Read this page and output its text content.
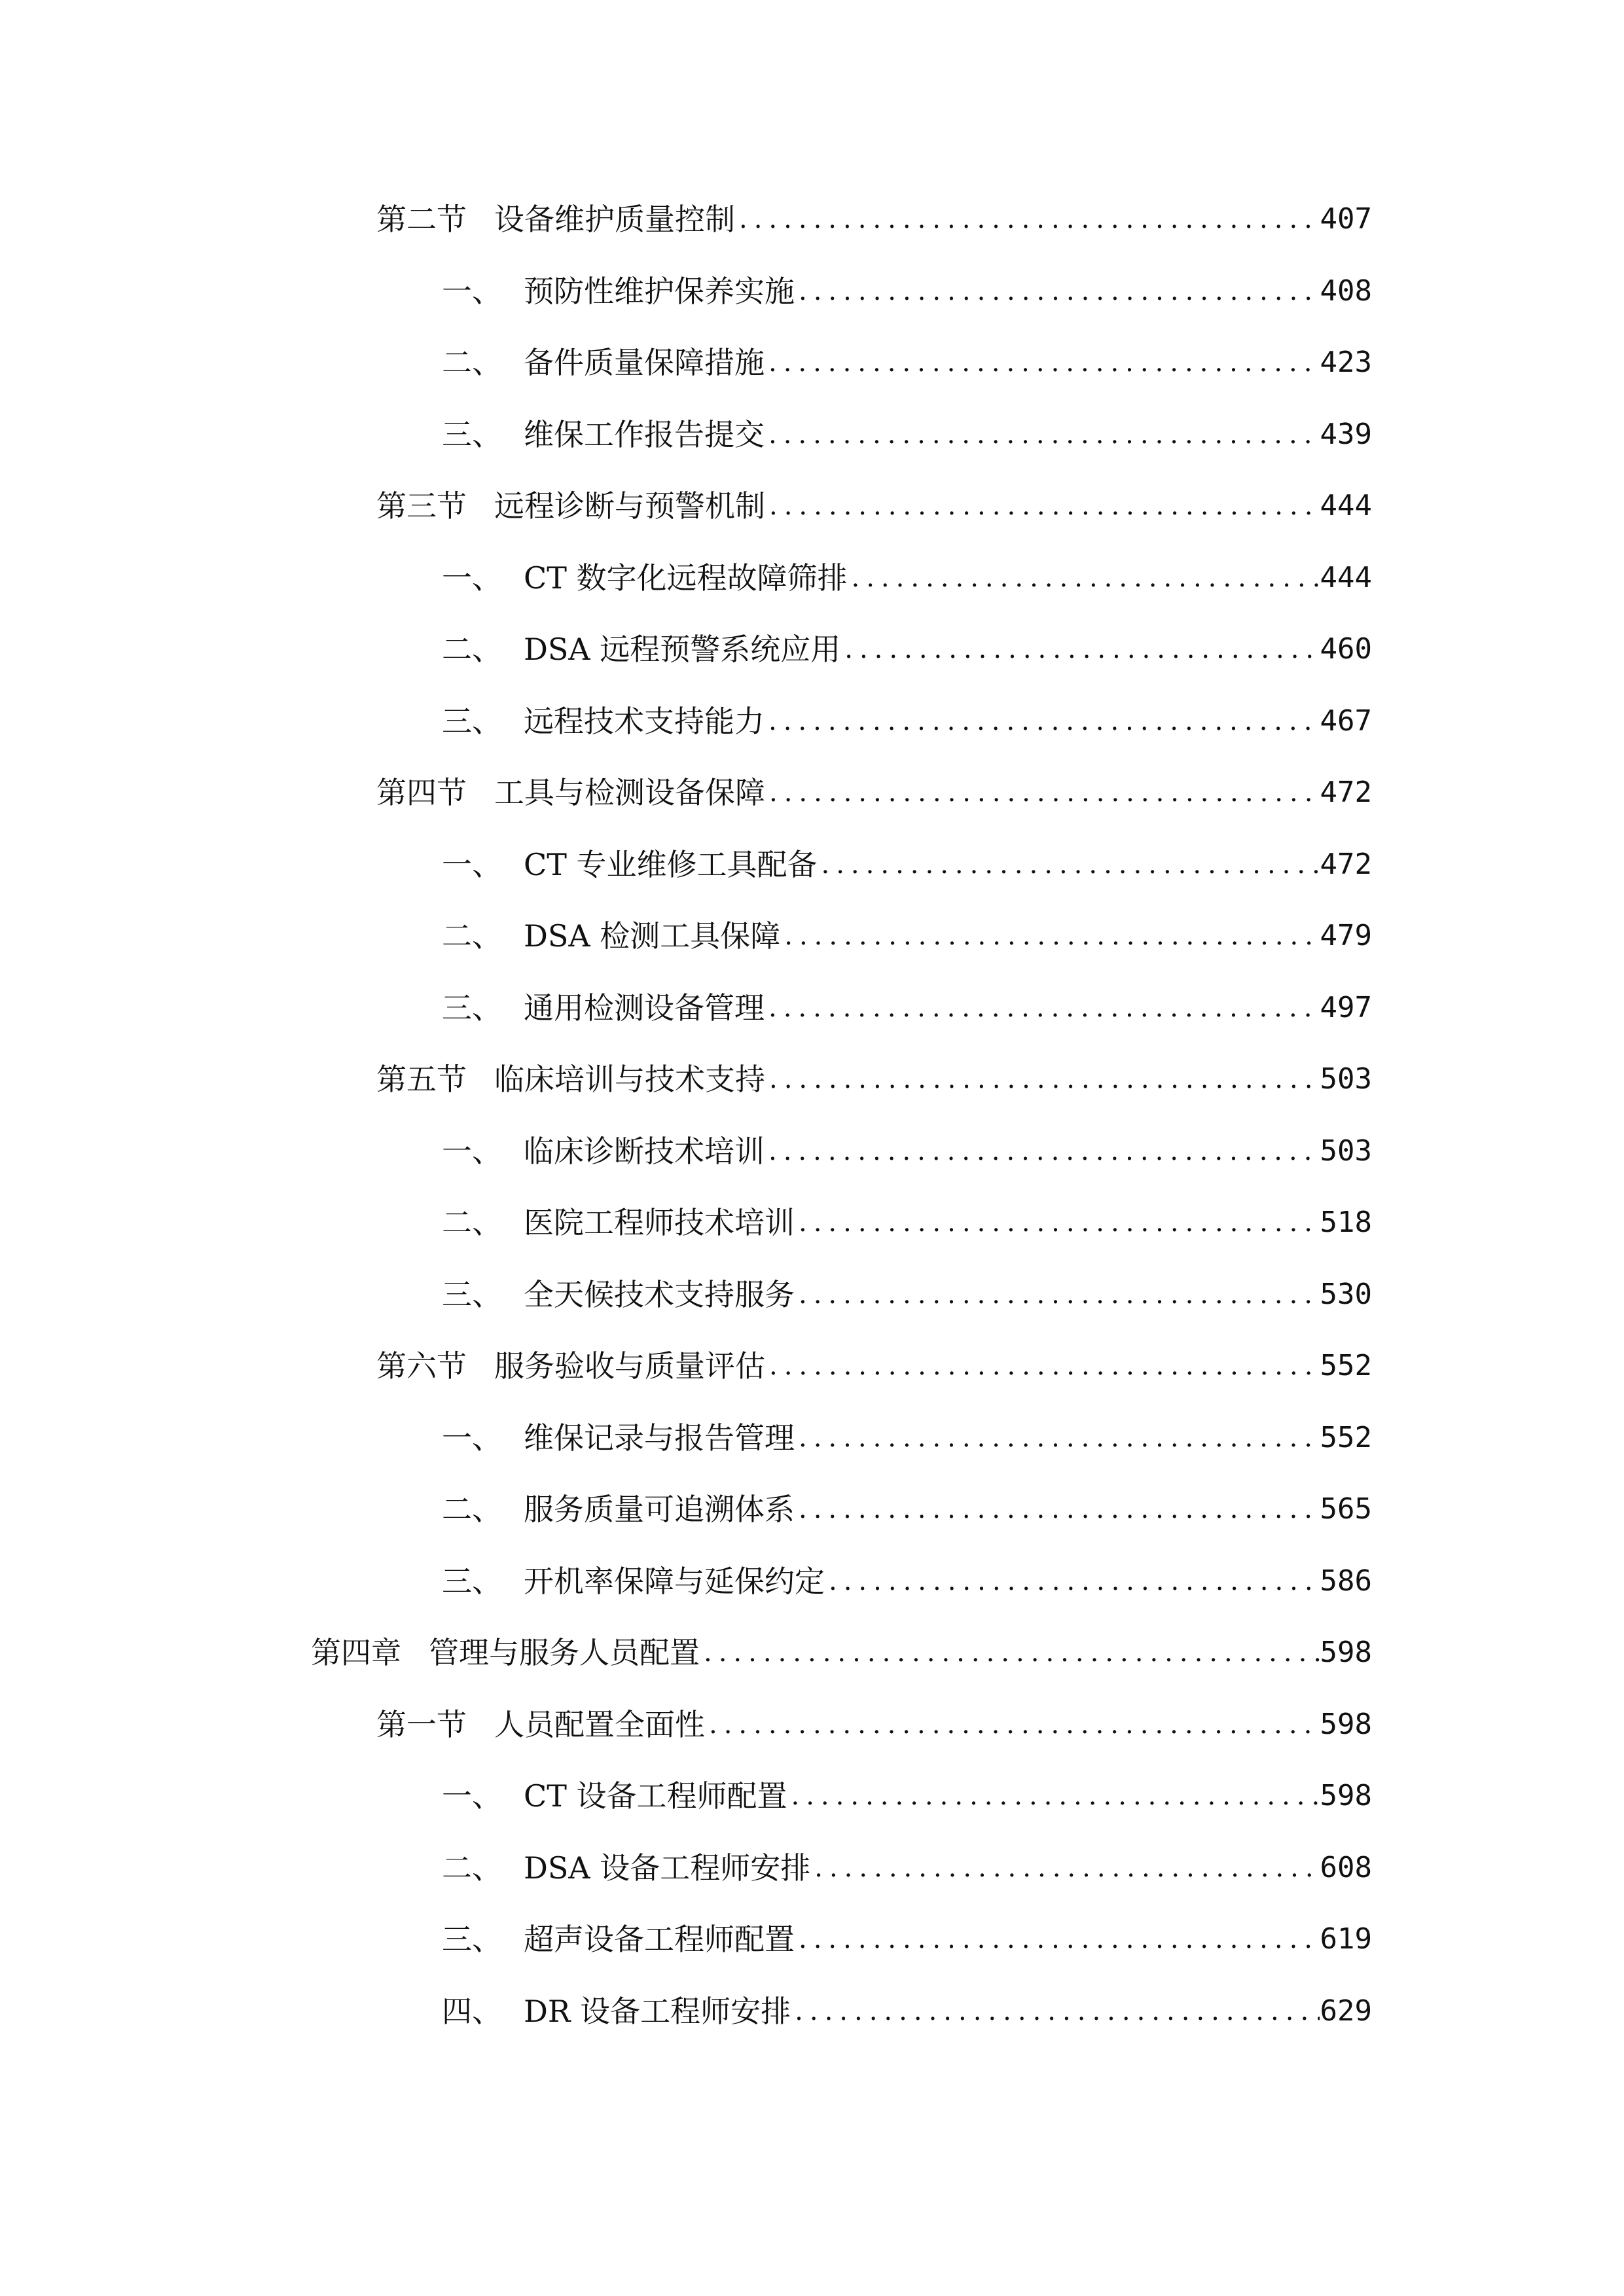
第二节 设备维护质量控制 .....	407
一、 预防性维护保养实施 .....	408
二、 备件质量保障措施 .....	423
三、 维保工作报告提交 .....	439
第三节 远程诊断与预警机制 .....	444
一、 CT 数字化远程故障筛排 .....	444
二、 DSA 远程预警系统应用 .....	460
三、 远程技术支持能力 .....	467
第四节 工具与检测设备保障 .....	472
一、 CT 专业维修工具配备 .....	472
二、 DSA 检测工具保障 .....	479
三、 通用检测设备管理 .....	497
第五节 临床培训与技术支持 .....	503
一、 临床诊断技术培训 .....	503
二、 医院工程师技术培训 .....	518
三、 全天候技术支持服务 .....	530
第六节 服务验收与质量评估 .....	552
一、 维保记录与报告管理 .....	552
二、 服务质量可追溯体系 .....	565
三、 开机率保障与延保约定 .....	586
第四章 管理与服务人员配置 .....	598
第一节 人员配置全面性 .....	598
一、 CT 设备工程师配置 .....	598
二、 DSA 设备工程师安排 .....	608
三、 超声设备工程师配置 .....	619
四、 DR 设备工程师安排 .....	629
